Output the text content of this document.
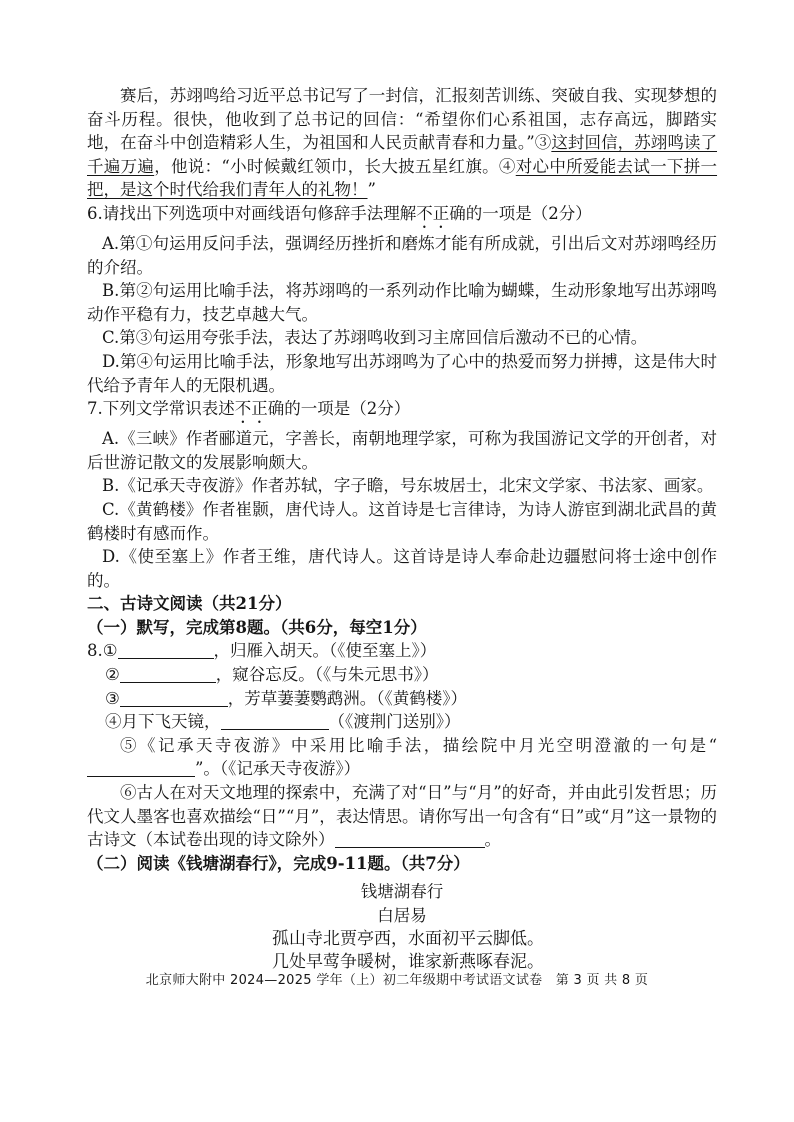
赛后，苏翊鸣给习近平总书记写了一封信，汇报刻苦训练、突破自我、实现梦想的奋斗历程。很快，他收到了总书记的回信：“希望你们心系祖国，志存高远，脚踏实地，在奋斗中创造精彩人生，为祖国和人民贡献青春和力量。”③这封回信，苏翊鸣读了千遍万遍，他说：“小时候戴红领巾，长大披五星红旗。④对心中所爱能去试一下拼一把，是这个时代给我们青年人的礼物！”

6.请找出下列选项中对画线语句修辞手法理解不正确的一项是（2分）

A.第①句运用反问手法，强调经历挫折和磨炼才能有所成就，引出后文对苏翊鸣经历的介绍。

B.第②句运用比喻手法，将苏翊鸣的一系列动作比喻为蝴蝶，生动形象地写出苏翊鸣动作平稳有力，技艺卓越大气。

C.第③句运用夸张手法，表达了苏翊鸣收到习主席回信后激动不已的心情。

D.第④句运用比喻手法，形象地写出苏翊鸣为了心中的热爱而努力拼搏，这是伟大时代给予青年人的无限机遇。

7.下列文学常识表述不正确的一项是（2分）

A.《三峡》作者郦道元，字善长，南朝地理学家，可称为我国游记文学的开创者，对后世游记散文的发展影响颇大。

B.《记承天寺夜游》作者苏轼，字子瞻，号东坡居士，北宋文学家、书法家、画家。

C.《黄鹤楼》作者崔颢，唐代诗人。这首诗是七言律诗，为诗人游宦到湖北武昌的黄鹤楼时有感而作。

D.《使至塞上》作者王维，唐代诗人。这首诗是诗人奉命赴边疆慰问将士途中创作的。

二、古诗文阅读（共21分）

（一）默写，完成第8题。（共6分，每空1分）

8.①	，归雁入胡天。（《使至塞上》）

②	，窥谷忘反。（《与朱元思书》）

③	，芳草萋萋鹦鹉洲。（《黄鹤楼》）

④月下飞天镜，	（《渡荆门送别》）

⑤《记承天寺夜游》中采用比喻手法，描绘院中月光空明澄澈的一句是“”。（《记承天寺夜游》）

⑥古人在对天文地理的探索中，充满了对“日”与“月”的好奇，并由此引发哲思；历代文人墨客也喜欢描绘“日”“月”，表达情思。请你写出一句含有“日”或“月”这一景物的古诗文（本试卷出现的诗文除外）	。

（二）阅读《钱塘湖春行》，完成9-11题。（共7分）

钱塘湖春行

白居易

孤山寺北贾亭西，水面初平云脚低。

几处早莺争暖树，谁家新燕啄春泥。

北京师大附中 2024—2025 学年（上）初二年级期中考试语文试卷　第 3 页 共 8 页
